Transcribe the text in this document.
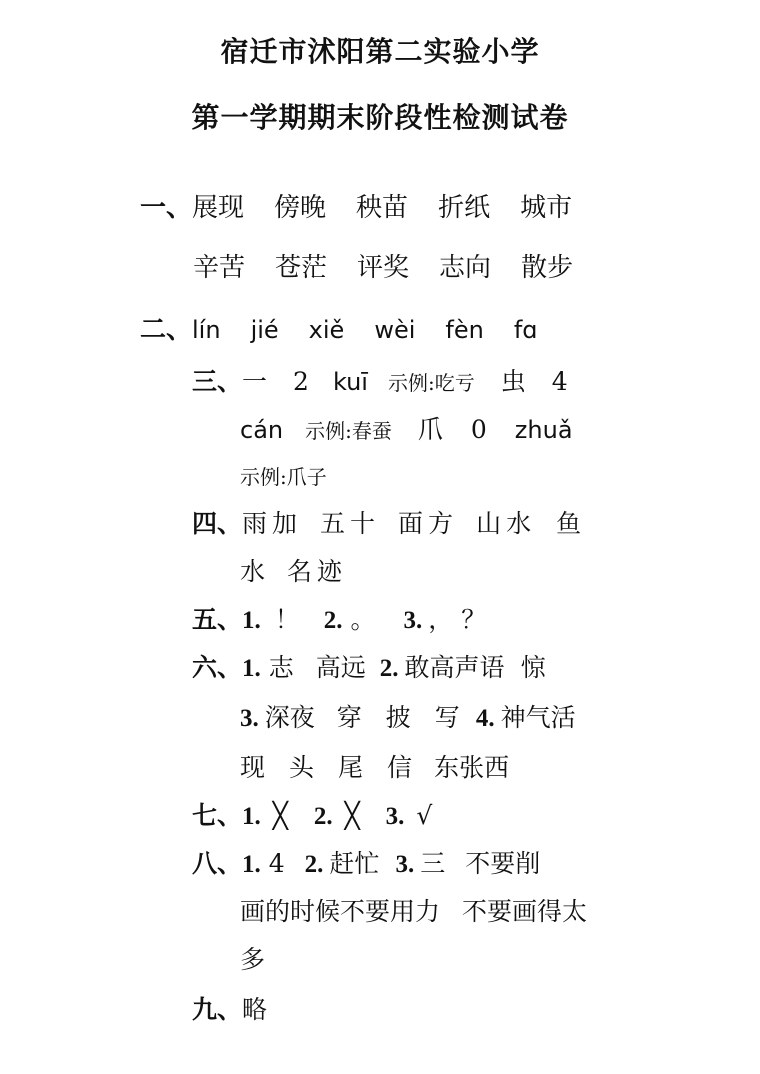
宿迁市沭阳第二实验小学
第一学期期末阶段性检测试卷
一、展现 傍晚 秧苗 折纸 城市
辛苦 苍茫 评奖 志向 散步
二、lín jié xiě wèi fèn fɑ
三、一 2 kuī 示例:吃亏 虫 4
cán 示例:春蚕 爪 0 zhuǎ
示例:爪子
四、雨加 五十 面方 山水 鱼
水 名迹
五、1. ！ 2. 。 3. ，？
六、1. 志 高远 2. 敢高声语 惊
3. 深夜 穿 披 写 4. 神气活
现 头 尾 信 东张西
七、1. ╳ 2. ╳ 3. √
八、1. 4 2. 赶忙 3. 三 不要削
画的时候不要用力 不要画得太
多
九、略
